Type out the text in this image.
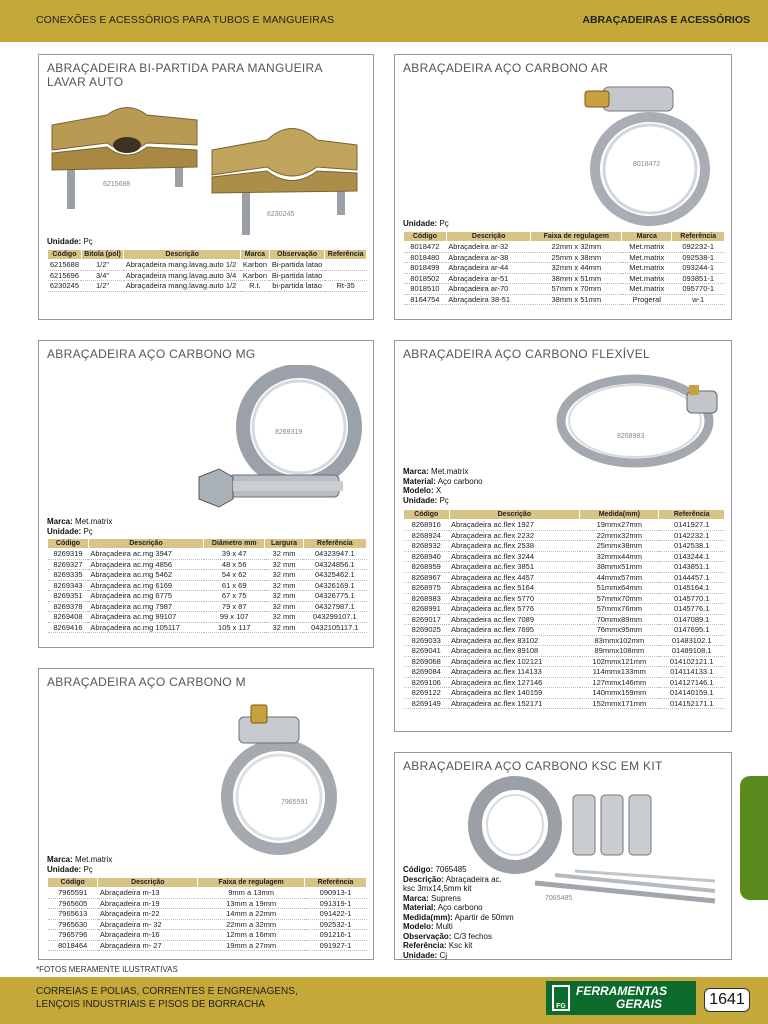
CONEXÕES E ACESSÓRIOS PARA TUBOS E MANGUEIRAS	ABRAÇADEIRAS E ACESSÓRIOS
ABRAÇADEIRA BI-PARTIDA PARA MANGUEIRA LAVAR AUTO
6215688
6230245
Unidade: Pç
Código	Bitola (pol)	Descrição	Marca	Observação	Referência
6215688	1/2"	Abraçadeira mang.lavag.auto 1/2	Karbon	Bi-partida latao	
6215696	3/4"	Abraçadeira mang.lavag.auto 3/4	Karbon	Bi-partida latao	
6230245	1/2"	Abraçadeira mang.lavag.auto 1/2	R.t.	bi-partida latao	Rt-35
ABRAÇADEIRA AÇO CARBONO AR
8018472
Unidade: Pç
Código	Descrição	Faixa de regulagem	Marca	Referência
8018472	Abraçadeira ar-32	22mm x 32mm	Met.matrix	092232-1
8018480	Abraçadeira ar-38	25mm x 38mm	Met.matrix	092538-1
8018499	Abraçadeira ar-44	32mm x 44mm	Met.matrix	093244-1
8018502	Abraçadeira ar-51	38mm x 51mm	Met.matrix	093851-1
8018510	Abraçadeira ar-70	57mm x 70mm	Met.matrix	095770-1
8164754	Abraçadeira 38-51	38mm x 51mm	Progeral	w-1
ABRAÇADEIRA AÇO CARBONO MG
8269319
Marca: Met.matrix
Unidade: Pç
Código	Descrição	Diâmetro mm	Largura	Referência
8269319	Abraçadeira ac.mg 3947	39 x 47	32 mm	04323947.1
8269327	Abraçadeira ac.mg 4856	48 x 56	32 mm	04324856.1
8269335	Abraçadeira ac.mg 5462	54 x 62	32 mm	04325462.1
8269343	Abraçadeira ac.mg 6169	61 x 69	32 mm	04326169.1
8269351	Abraçadeira ac.mg 6775	67 x 75	32 mm	04326775.1
8269378	Abraçadeira ac.mg 7987	79 x 87	32 mm	04327987.1
8269408	Abraçadeira ac.mg 99107	99 x 107	32 mm	043299107.1
8269416	Abraçadeira ac.mg 105117	105 x 117	32 mm	0432105117.1
ABRAÇADEIRA AÇO CARBONO FLEXÍVEL
8268983
Marca: Met.matrix
Material: Aço carbono
Modelo: X
Unidade: Pç
Código	Descrição	Medida(mm)	Referência
8268916	Abraçadeira ac.flex 1927	19mmx27mm	0141927.1
8268924	Abraçadeira ac.flex 2232	22mmx32mm	0142232.1
8268932	Abraçadeira ac.flex 2538	25mmx38mm	0142538.1
8268940	Abraçadeira ac.flex 3244	32mmx44mm	0143244.1
8268959	Abraçadeira ac.flex 3851	38mmx51mm	0143851.1
8268967	Abraçadeira ac.flex 4457	44mmx57mm	0144457.1
8268975	Abraçadeira ac.flex 5164	51mmx64mm	0145164.1
8268983	Abraçadeira ac.flex 5770	57mmx70mm	0145770.1
8268991	Abraçadeira ac.flex 5776	57mmx76mm	0145776.1
8269017	Abraçadeira ac.flex 7089	70mmx89mm	0147089.1
8269025	Abraçadeira ac.flex 7695	76mmx95mm	0147695.1
8269033	Abraçadeira ac.flex 83102	83mmx102mm	01483102.1
8269041	Abraçadeira ac.flex 89108	89mmx108mm	01489108.1
8269068	Abraçadeira ac.flex 102121	102mmx121mm	014102121.1
8269084	Abraçadeira ac.flex 114133	114mmx133mm	014114133.1
8269106	Abraçadeira ac.flex 127146	127mmx146mm	014127146.1
8269122	Abraçadeira ac.flex 140159	140mmx159mm	014140159.1
8269149	Abraçadeira ac.flex 152171	152mmx171mm	014152171.1
ABRAÇADEIRA AÇO CARBONO M
7965591
Marca: Met.matrix
Unidade: Pç
Código	Descrição	Faixa de regulagem	Referência
7965591	Abraçadeira m-13	9mm a 13mm	090913-1
7965605	Abraçadeira m-19	13mm a 19mm	091319-1
7965613	Abraçadeira m-22	14mm a 22mm	091422-1
7965630	Abraçadeira m- 32	22mm a 32mm	092532-1
7965796	Abraçadeira m-16	12mm a 16mm	091216-1
8018464	Abraçadeira m- 27	19mm a 27mm	091927-1
ABRAÇADEIRA AÇO CARBONO KSC EM KIT
7065485
Código: 7065485
Descrição: Abraçadeira ac.
ksc 3mx14,5mm kit
Marca: Suprens
Material: Aço carbono
Medida(mm): Apartir de 50mm
Modelo: Multi
Observação: C/3 fechos
Referência: Ksc kit
Unidade: Cj
*FOTOS MERAMENTE ILUSTRATIVAS
CORREIAS E POLIAS, CORRENTES E ENGRENAGENS,
LENÇOIS INDUSTRIAIS E PISOS DE BORRACHA	FG
FERRAMENTAS
GERAIS	1641
